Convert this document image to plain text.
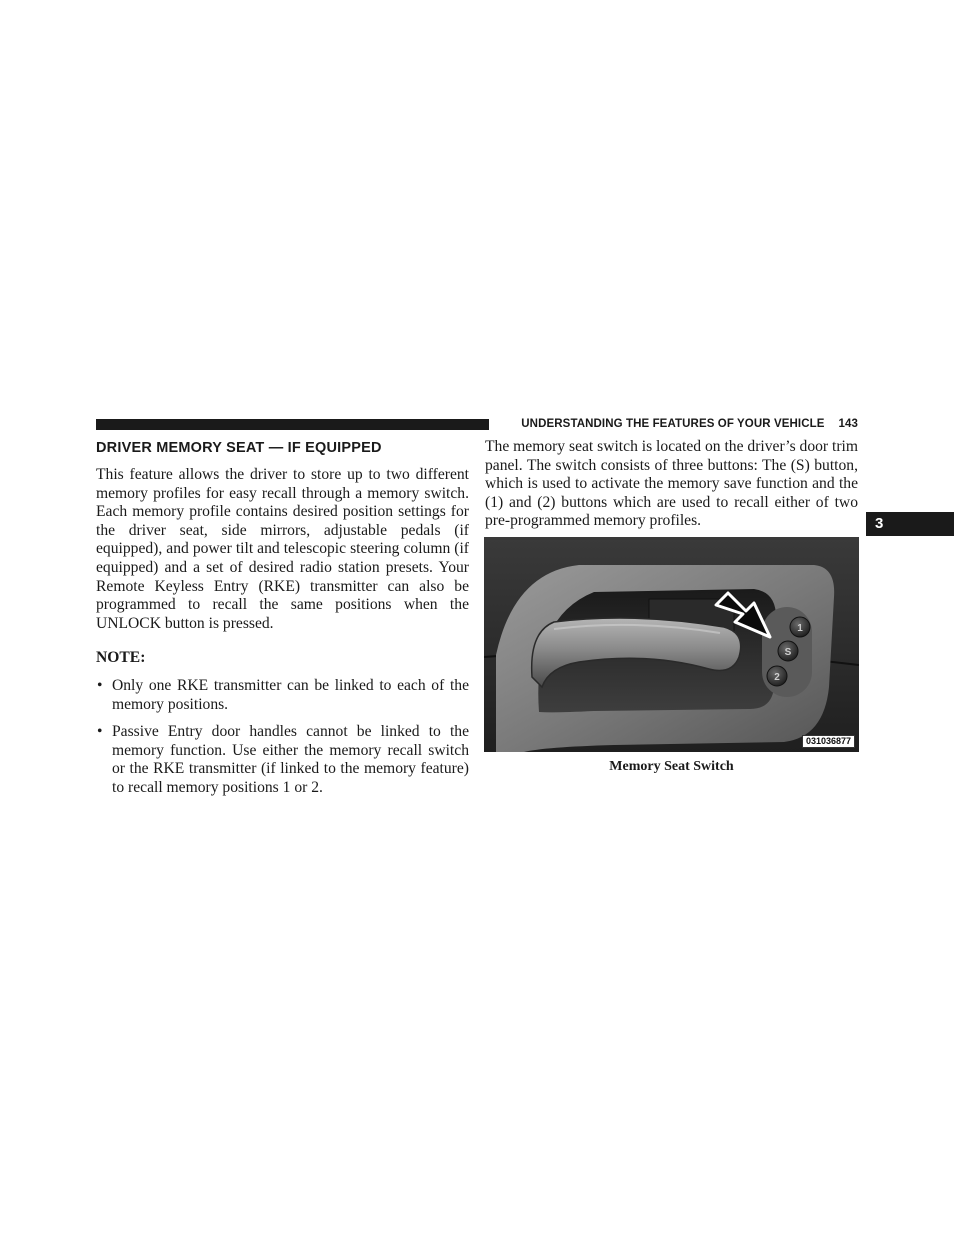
UNDERSTANDING THE FEATURES OF YOUR VEHICLE 143
3
DRIVER MEMORY SEAT — IF EQUIPPED

This feature allows the driver to store up to two different memory profiles for easy recall through a memory switch. Each memory profile contains desired position settings for the driver seat, side mirrors, adjustable pedals (if equipped), and power tilt and telescopic steering column (if equipped) and a set of desired radio station presets. Your Remote Keyless Entry (RKE) transmitter can also be programmed to recall the same positions when the UNLOCK button is pressed.

NOTE:

• Only one RKE transmitter can be linked to each of the memory positions.
• Passive Entry door handles cannot be linked to the memory function. Use either the memory recall switch or the RKE transmitter (if linked to the memory feature) to recall memory positions 1 or 2.

The memory seat switch is located on the driver’s door trim panel. The switch consists of three buttons: The (S) button, which is used to activate the memory save function and the (1) and (2) buttons which are used to recall either of two pre-programmed memory profiles.

1
S
2
031036877
Memory Seat Switch
